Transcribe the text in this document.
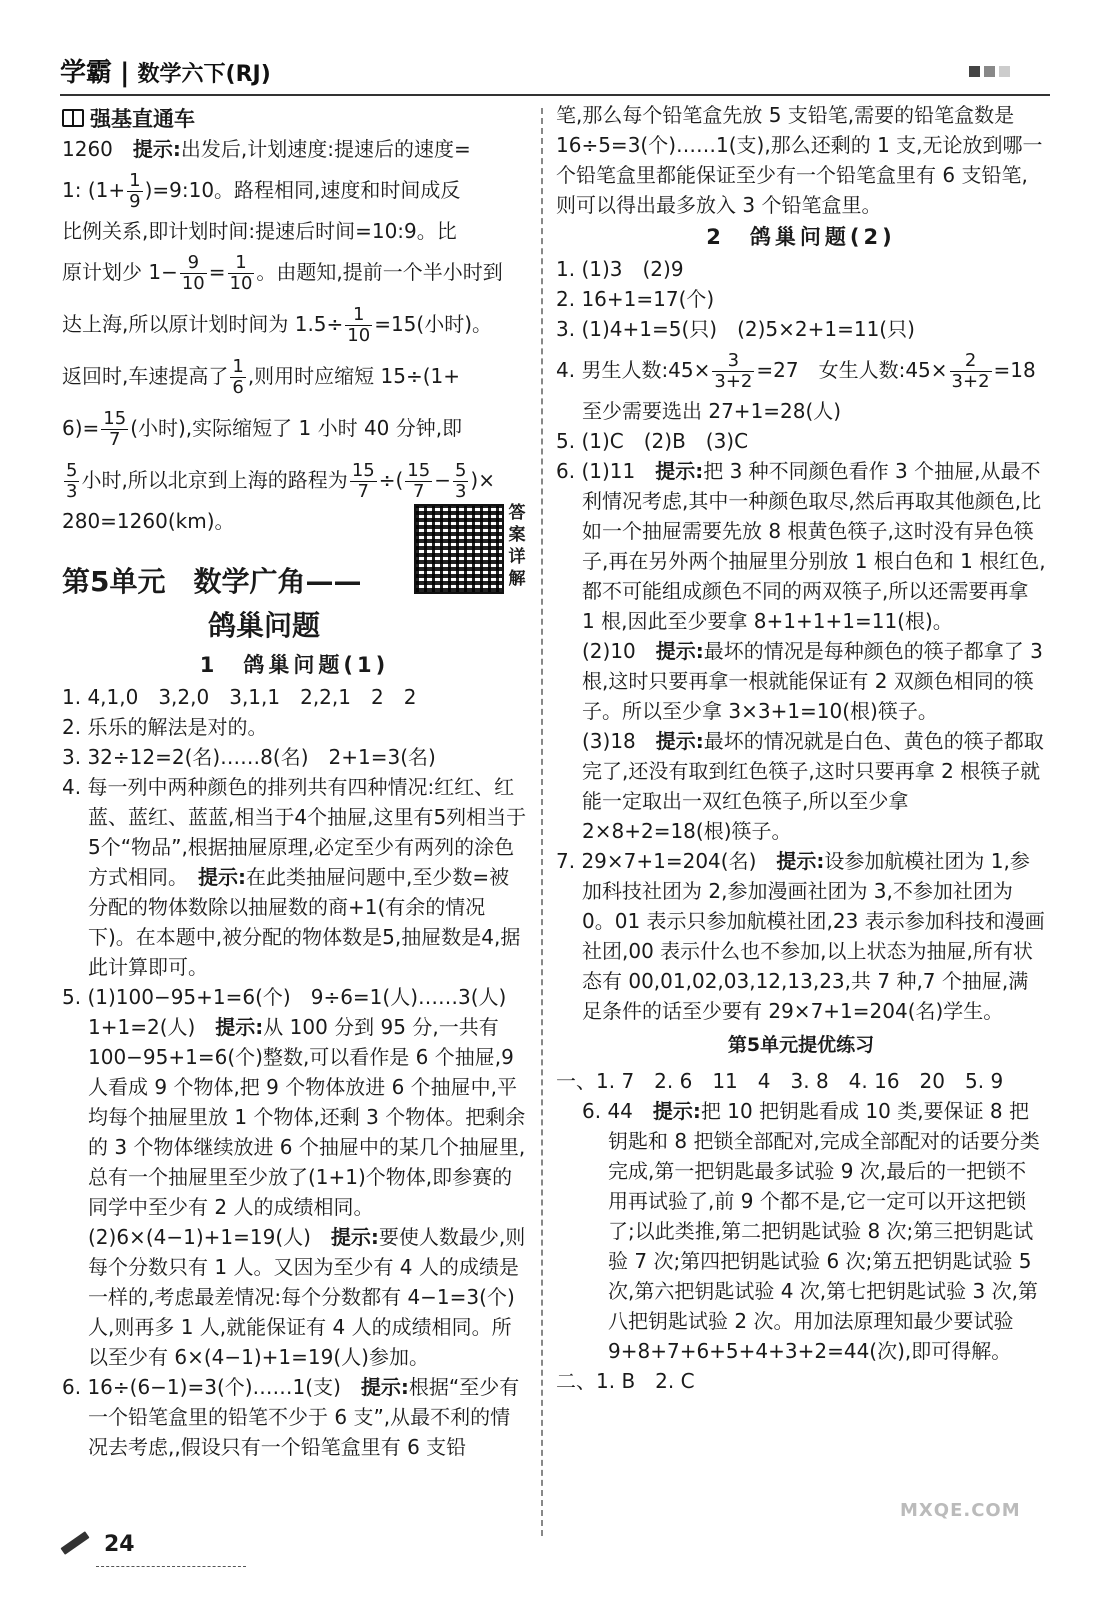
学霸 | 数学六下(RJ)

强基直通车

1260　 提示:出发后,计划速度:提速后的速度=

1: ($1+ \frac{1}{9}$ )=9:10。路程相同,速度和时间成反

比例关系,即计划时间:提速后时间=10:9。比

原计划少 $1- \frac{9}{10} = \frac{1}{10}$ 。由题知,提前一个半小时到

达上海,所以原计划时间为 $1.5\div \frac{1}{10} =15$(小时)。

返回时,车速提高了 $\frac{1}{6}$ ,则用时应缩短 15÷(1+

$6)= \frac{15}{7}$ (小时),实际缩短了 1 小时 40 分钟,即

$\frac{5}{3}$ 小时,所以北京到上海的路程为 $\frac{15}{7}$ ÷( $\frac{15}{7} - \frac{5}{3}$ )×

280=1260(km)。

第5单元　数学广角——

鸽巢问题

1　鸽巢问题(1)

1. 4,1,0　3,2,0　3,1,1　2,2,1　2　2

2. 乐乐的解法是对的。

3. 32÷12=2(名)……8(名)　2+1=3(名)

4. 每一列中两种颜色的排列共有四种情况:红红、红蓝、蓝红、蓝蓝,相当于4个抽屉,这里有5列相当于5个“物品”,根据抽屉原理,必定至少有两列的涂色方式相同。　 提示:在此类抽屉问题中,至少数=被分配的物体数除以抽屉数的商+1(有余的情况下)。在本题中,被分配的物体数是5,抽屉数是4,据此计算即可。

5. (1)100−95+1=6(个)　9÷6=1(人)……3(人)

1+1=2(人)　 提示:从 100 分到 95 分,一共有 100−95+1=6(个)整数,可以看作是 6 个抽屉,9 人看成 9 个物体,把 9 个物体放进 6 个抽屉中,平均每个抽屉里放 1 个物体,还剩 3 个物体。把剩余的 3 个物体继续放进 6 个抽屉中的某几个抽屉里,总有一个抽屉里至少放了(1+1)个物体,即参赛的同学中至少有 2 人的成绩相同。

(2)6×(4−1)+1=19(人)　 提示:要使人数最少,则每个分数只有 1 人。又因为至少有 4 人的成绩是一样的,考虑最差情况:每个分数都有 4−1=3(个)人,则再多 1 人,就能保证有 4 人的成绩相同。所以至少有 6×(4−1)+1=19(人)参加。

6. 16÷(6−1)=3(个)……1(支)　 提示:根据“至少有一个铅笔盒里的铅笔不少于 6 支”,从最不利的情况去考虑,,假设只有一个铅笔盒里有 6 支铅

答案详解

笔,那么每个铅笔盒先放 5 支铅笔,需要的铅笔盒数是 16÷5=3(个)……1(支),那么还剩的 1 支,无论放到哪一个铅笔盒里都能保证至少有一个铅笔盒里有 6 支铅笔,则可以得出最多放入 3 个铅笔盒里。

2　鸽巢问题(2)

1. (1)3　(2)9

2. 16+1=17(个)

3. (1)4+1=5(只)　(2)5×2+1=11(只)

4. 男生人数:45× $\frac{3}{3+2} =27$　女生人数:45× $\frac{2}{3+2} =18$

至少需要选出 27+1=28(人)

5. (1)C　(2)B　(3)C

6. (1)11　 提示:把 3 种不同颜色看作 3 个抽屉,从最不利情况考虑,其中一种颜色取尽,然后再取其他颜色,比如一个抽屉需要先放 8 根黄色筷子,这时没有异色筷子,再在另外两个抽屉里分别放 1 根白色和 1 根红色,都不可能组成颜色不同的两双筷子,所以还需要再拿 1 根,因此至少要拿 8+1+1+1=11(根)。

(2)10　 提示:最坏的情况是每种颜色的筷子都拿了 3 根,这时只要再拿一根就能保证有 2 双颜色相同的筷子。所以至少拿 3×3+1=10(根)筷子。

(3)18　 提示:最坏的情况就是白色、黄色的筷子都取完了,还没有取到红色筷子,这时只要再拿 2 根筷子就能一定取出一双红色筷子,所以至少拿 2×8+2=18(根)筷子。

7. 29×7+1=204(名)　 提示:设参加航模社团为 1,参加科技社团为 2,参加漫画社团为 3,不参加社团为 0。01 表示只参加航模社团,23 表示参加科技和漫画社团,00 表示什么也不参加,以上状态为抽屉,所有状态有 00,01,02,03,12,13,23,共 7 种,7 个抽屉,满足条件的话至少要有 29×7+1=204(名)学生。

第5单元提优练习

一、1. 7　2. 6　11　4　3. 8　4. 16　20　5. 9

6. 44　 提示:把 10 把钥匙看成 10 类,要保证 8 把钥匙和 8 把锁全部配对,完成全部配对的话要分类完成,第一把钥匙最多试验 9 次,最后的一把锁不用再试验了,前 9 个都不是,它一定可以开这把锁了;以此类推,第二把钥匙试验 8 次;第三把钥匙试验 7 次;第四把钥匙试验 6 次;第五把钥匙试验 5 次,第六把钥匙试验 4 次,第七把钥匙试验 3 次,第八把钥匙试验 2 次。用加法原理知最少要试验 9+8+7+6+5+4+3+2=44(次),即可得解。

二、1. B　2. C

24
MXQE.COM
